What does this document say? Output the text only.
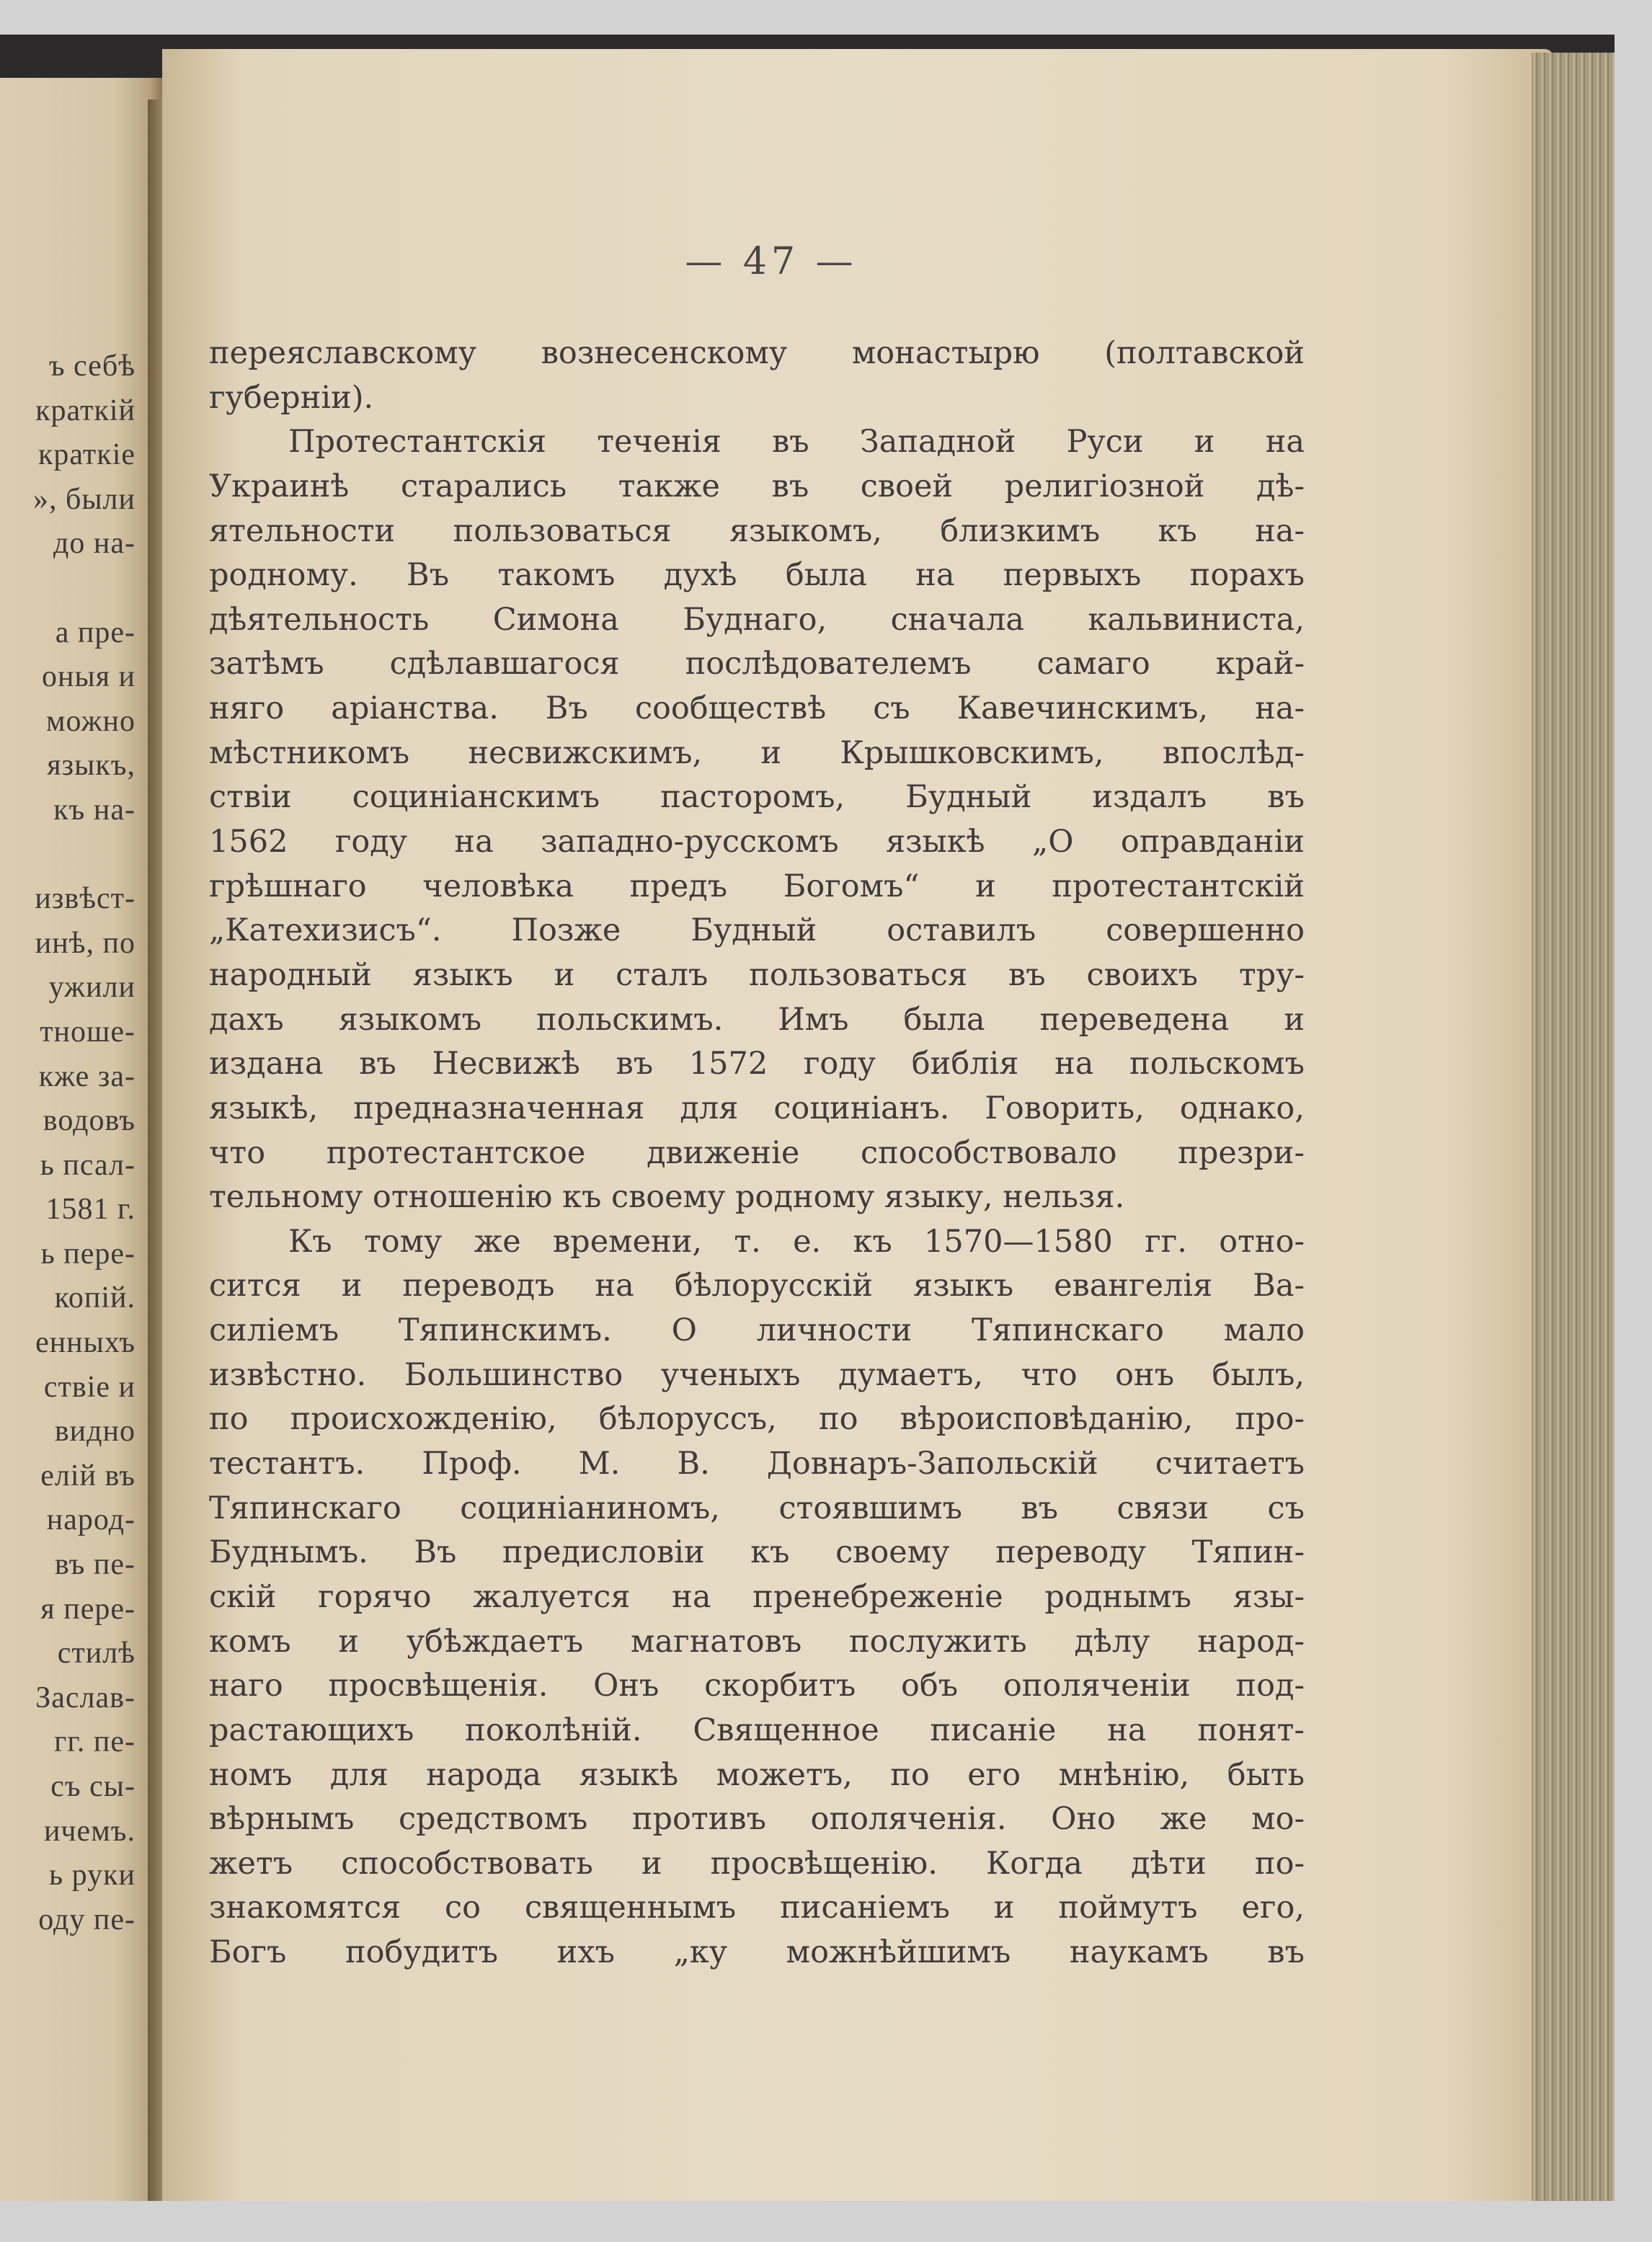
ъ себѣ
краткій
краткіе
», были
до на-
а пре-
оныя и
можно
языкъ,
къ на-
извѣст-
инѣ, по
ужили
тноше-
кже за-
водовъ
ь псал-
1581 г.
ь пере-
копій.
енныхъ
ствіе и
видно
елій въ
народ-
въ пе-
я пере-
стилѣ
Заслав-
гг. пе-
съ сы-
ичемъ.
ь руки
оду пе-
— 47 —
переяславскому вознесенскому монастырю (полтавской
губерніи).
Протестантскія теченія въ Западной Руси и на
Украинѣ старались также въ своей религіозной дѣ-
ятельности пользоваться языкомъ, близкимъ къ на-
родному. Въ такомъ духѣ была на первыхъ порахъ
дѣятельность Симона Буднаго, сначала кальвиниста,
затѣмъ сдѣлавшагося послѣдователемъ самаго край-
няго аріанства. Въ сообществѣ съ Кавечинскимъ, на-
мѣстникомъ несвижскимъ, и Крышковскимъ, впослѣд-
ствіи социніанскимъ пасторомъ, Будный издалъ въ
1562 году на западно-русскомъ языкѣ „О оправданіи
грѣшнаго человѣка предъ Богомъ“ и протестантскій
„Катехизисъ“. Позже Будный оставилъ совершенно
народный языкъ и сталъ пользоваться въ своихъ тру-
дахъ языкомъ польскимъ. Имъ была переведена и
издана въ Несвижѣ въ 1572 году библія на польскомъ
языкѣ, предназначенная для социніанъ. Говорить, однако,
что протестантское движеніе способствовало презри-
тельному отношенію къ своему родному языку, нельзя.
Къ тому же времени, т. е. къ 1570—1580 гг. отно-
сится и переводъ на бѣлорусскій языкъ евангелія Ва-
силіемъ Тяпинскимъ. О личности Тяпинскаго мало
извѣстно. Большинство ученыхъ думаетъ, что онъ былъ,
по происхожденію, бѣлоруссъ, по вѣроисповѣданію, про-
тестантъ. Проф. М. В. Довнаръ-Запольскій считаетъ
Тяпинскаго социніаниномъ, стоявшимъ въ связи съ
Буднымъ. Въ предисловіи къ своему переводу Тяпин-
скій горячо жалуется на пренебреженіе роднымъ язы-
комъ и убѣждаетъ магнатовъ послужить дѣлу народ-
наго просвѣщенія. Онъ скорбитъ объ ополяченіи под-
растающихъ поколѣній. Священное писаніе на понят-
номъ для народа языкѣ можетъ, по его мнѣнію, быть
вѣрнымъ средствомъ противъ ополяченія. Оно же мо-
жетъ способствовать и просвѣщенію. Когда дѣти по-
знакомятся со священнымъ писаніемъ и поймутъ его,
Богъ побудитъ ихъ „ку можнѣйшимъ наукамъ въ
